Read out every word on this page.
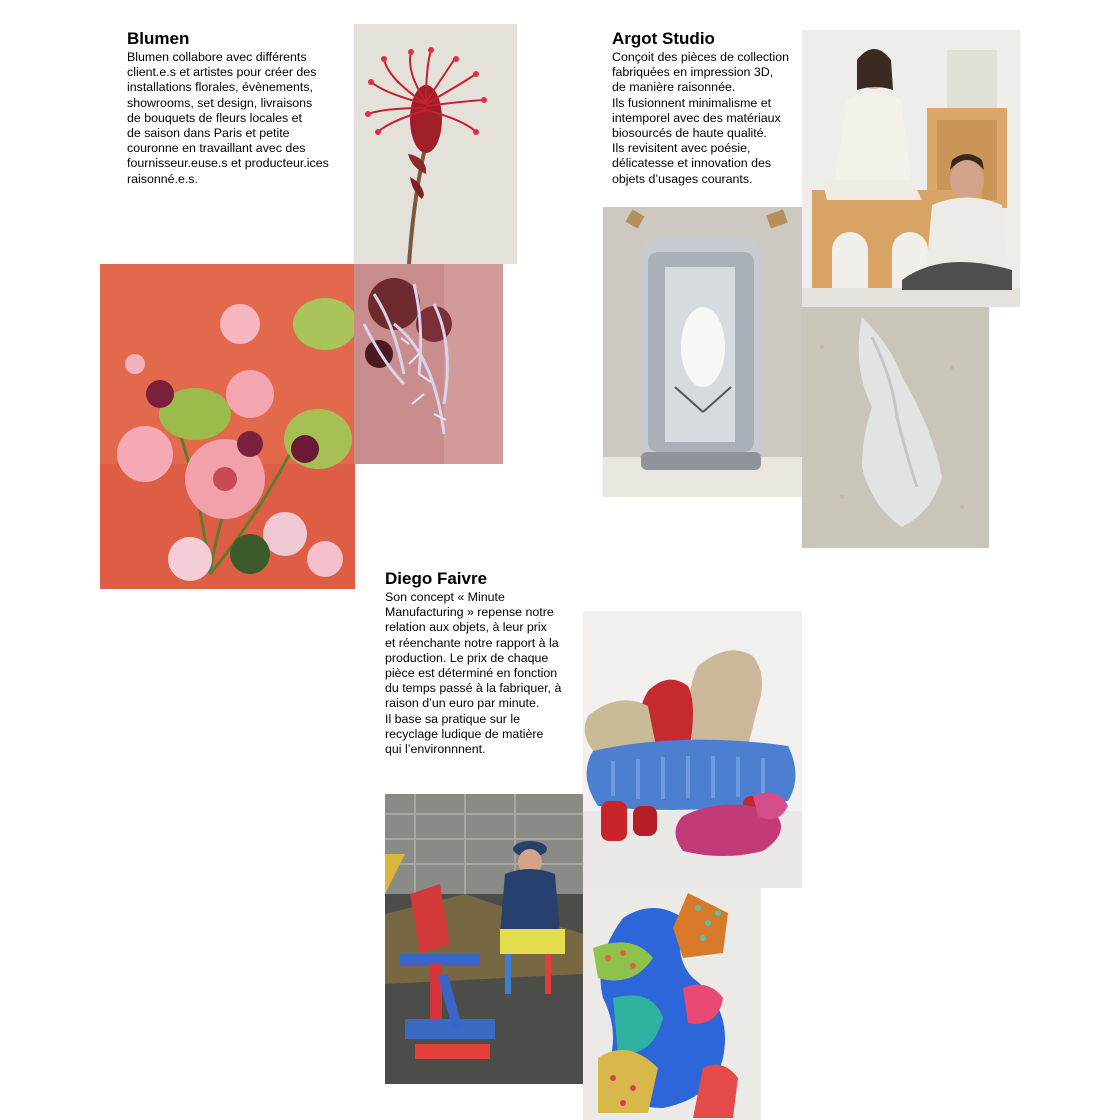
Blumen
Blumen collabore avec différents
client.e.s et artistes pour créer des
installations florales, évènements,
showrooms, set design, livraisons
de bouquets de fleurs locales et
de saison dans Paris et petite
couronne en travaillant avec des
fournisseur.euse.s et producteur.ices
raisonné.e.s.
Argot Studio
Conçoit des pièces de collection
fabriquées en impression 3D,
de manière raisonnée.
Ils fusionnent minimalisme et
intemporel avec des matériaux
biosourcés de haute qualité.
Ils revisitent avec poésie,
délicatesse et innovation des
objets d’usages courants.
Diego Faivre
Son concept « Minute
Manufacturing » repense notre
relation aux objets, à leur prix
et réenchante notre rapport à la
production. Le prix de chaque
pièce est déterminé en fonction
du temps passé à la fabriquer, à
raison d’un euro par minute.
Il base sa pratique sur le
recyclage ludique de matière
qui l’environnnent.
